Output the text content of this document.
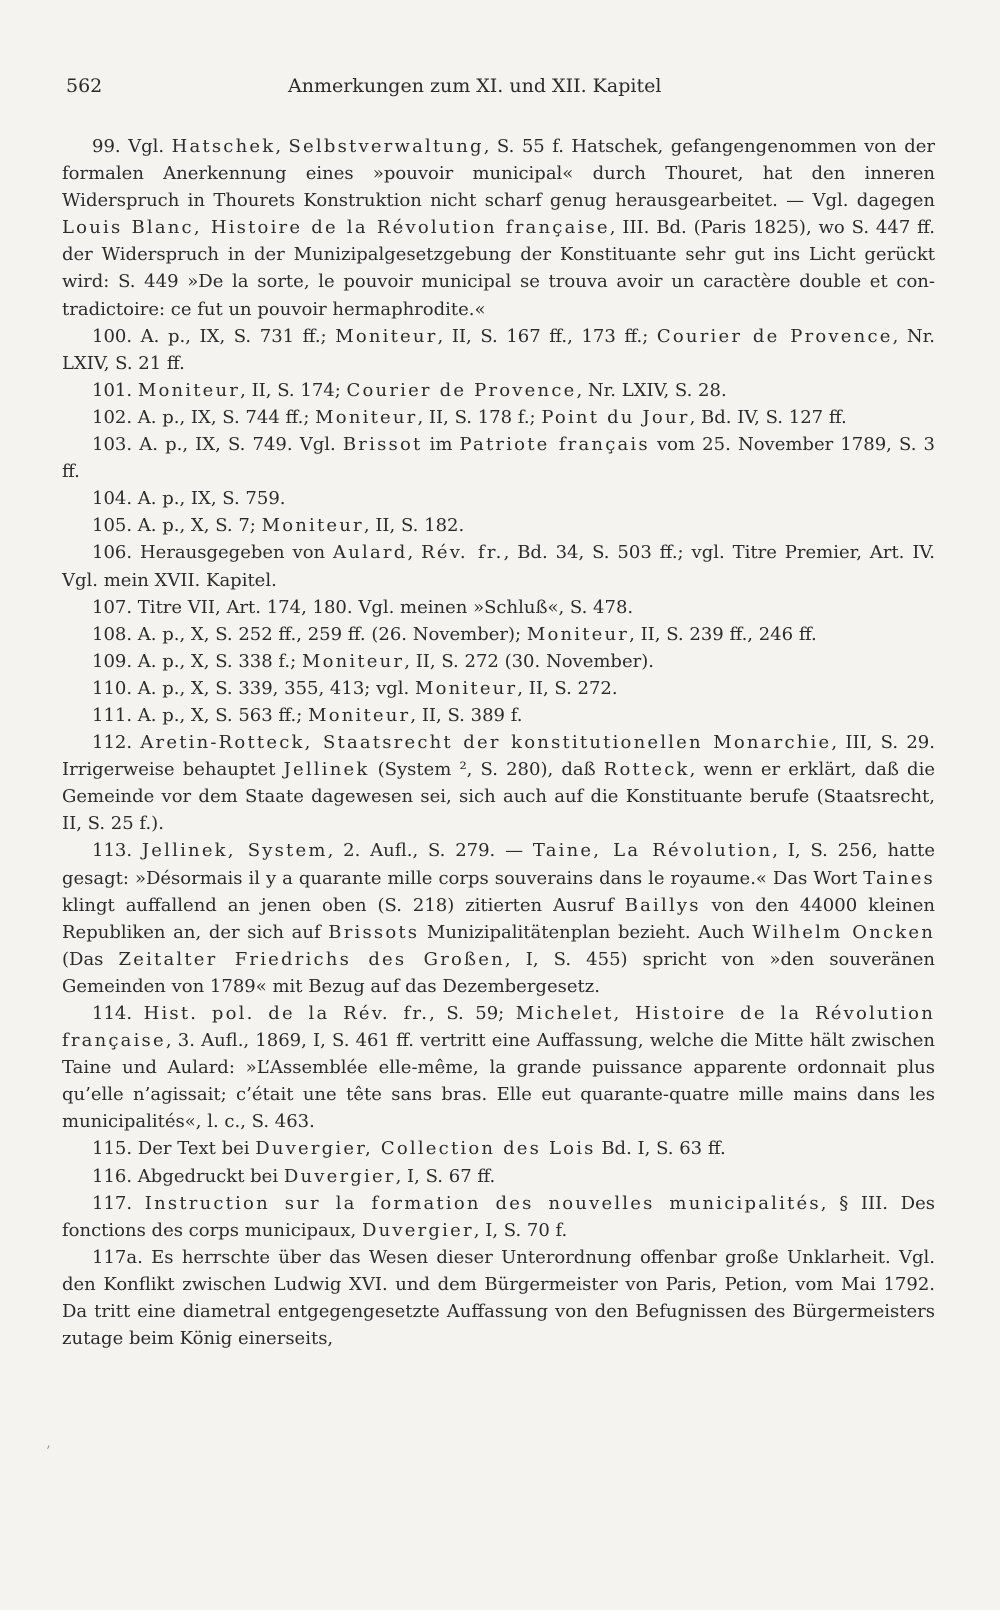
562	Anmerkungen zum XI. und XII. Kapitel

99. Vgl. Hatschek, Selbstverwaltung, S. 55 f. Hatschek, gefangengenommen von der formalen Anerkennung eines »pouvoir municipal« durch Thouret, hat den inneren Widerspruch in Thourets Konstruktion nicht scharf genug herausgearbeitet. — Vgl. dagegen Louis Blanc, Histoire de la Révolution française, III. Bd. (Paris 1825), wo S. 447 ff. der Widerspruch in der Munizipalgesetzgebung der Konstituante sehr gut ins Licht gerückt wird: S. 449 »De la sorte, le pouvoir municipal se trouva avoir un caractère double et contradictoire: ce fut un pouvoir hermaphrodite.«

100. A. p., IX, S. 731 ff.; Moniteur, II, S. 167 ff., 173 ff.; Courier de Provence, Nr. LXIV, S. 21 ff.

101. Moniteur, II, S. 174; Courier de Provence, Nr. LXIV, S. 28.

102. A. p., IX, S. 744 ff.; Moniteur, II, S. 178 f.; Point du Jour, Bd. IV, S. 127 ff.

103. A. p., IX, S. 749. Vgl. Brissot im Patriote français vom 25. November 1789, S. 3 ff.

104. A. p., IX, S. 759.

105. A. p., X, S. 7; Moniteur, II, S. 182.

106. Herausgegeben von Aulard, Rév. fr., Bd. 34, S. 503 ff.; vgl. Titre Premier, Art. IV. Vgl. mein XVII. Kapitel.

107. Titre VII, Art. 174, 180. Vgl. meinen »Schluß«, S. 478.

108. A. p., X, S. 252 ff., 259 ff. (26. November); Moniteur, II, S. 239 ff., 246 ff.

109. A. p., X, S. 338 f.; Moniteur, II, S. 272 (30. November).

110. A. p., X, S. 339, 355, 413; vgl. Moniteur, II, S. 272.

111. A. p., X, S. 563 ff.; Moniteur, II, S. 389 f.

112. Aretin-Rotteck, Staatsrecht der konstitutionellen Monarchie, III, S. 29. Irrigerweise behauptet Jellinek (System ², S. 280), daß Rotteck, wenn er erklärt, daß die Gemeinde vor dem Staate dagewesen sei, sich auch auf die Konstituante berufe (Staatsrecht, II, S. 25 f.).

113. Jellinek, System, 2. Aufl., S. 279. — Taine, La Révolution, I, S. 256, hatte gesagt: »Désormais il y a quarante mille corps souverains dans le royaume.« Das Wort Taines klingt auffallend an jenen oben (S. 218) zitierten Ausruf Baillys von den 44000 kleinen Republiken an, der sich auf Brissots Munizipalitätenplan bezieht. Auch Wilhelm Oncken (Das Zeitalter Friedrichs des Großen, I, S. 455) spricht von »den souveränen Gemeinden von 1789« mit Bezug auf das Dezembergesetz.

114. Hist. pol. de la Rév. fr., S. 59; Michelet, Histoire de la Révolution française, 3. Aufl., 1869, I, S. 461 ff. vertritt eine Auffassung, welche die Mitte hält zwischen Taine und Aulard: »L’Assemblée elle-même, la grande puissance apparente ordonnait plus qu’elle n’agissait; c’était une tête sans bras. Elle eut quarante-quatre mille mains dans les municipalités«, l. c., S. 463.

115. Der Text bei Duvergier, Collection des Lois Bd. I, S. 63 ff.

116. Abgedruckt bei Duvergier, I, S. 67 ff.

117. Instruction sur la formation des nouvelles municipalités, § III. Des fonctions des corps municipaux, Duvergier, I, S. 70 f.

117a. Es herrschte über das Wesen dieser Unterordnung offenbar große Unklarheit. Vgl. den Konflikt zwischen Ludwig XVI. und dem Bürgermeister von Paris, Petion, vom Mai 1792. Da tritt eine diametral entgegengesetzte Auffassung von den Befugnissen des Bürgermeisters zutage beim König einerseits,

’
